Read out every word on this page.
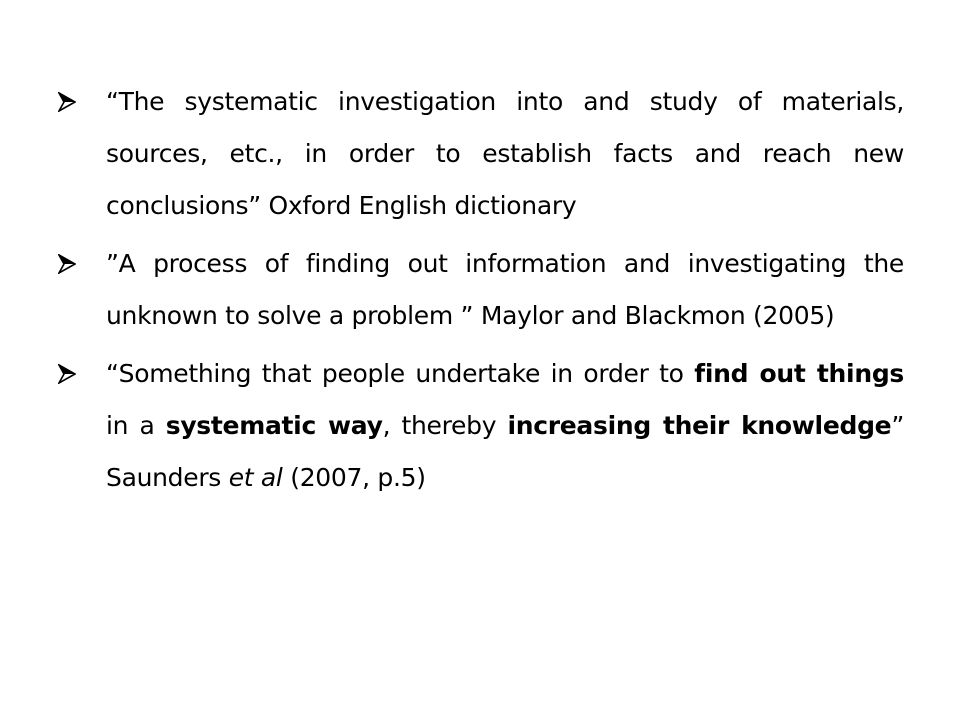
“The systematic investigation into and study of materials, sources, etc., in order to establish facts and reach new conclusions” Oxford English dictionary
”A process of finding out information and investigating the unknown to solve a problem ” Maylor and Blackmon (2005)
“Something that people undertake in order to find out things in a systematic way, thereby increasing their knowledge” Saunders et al (2007, p.5)
